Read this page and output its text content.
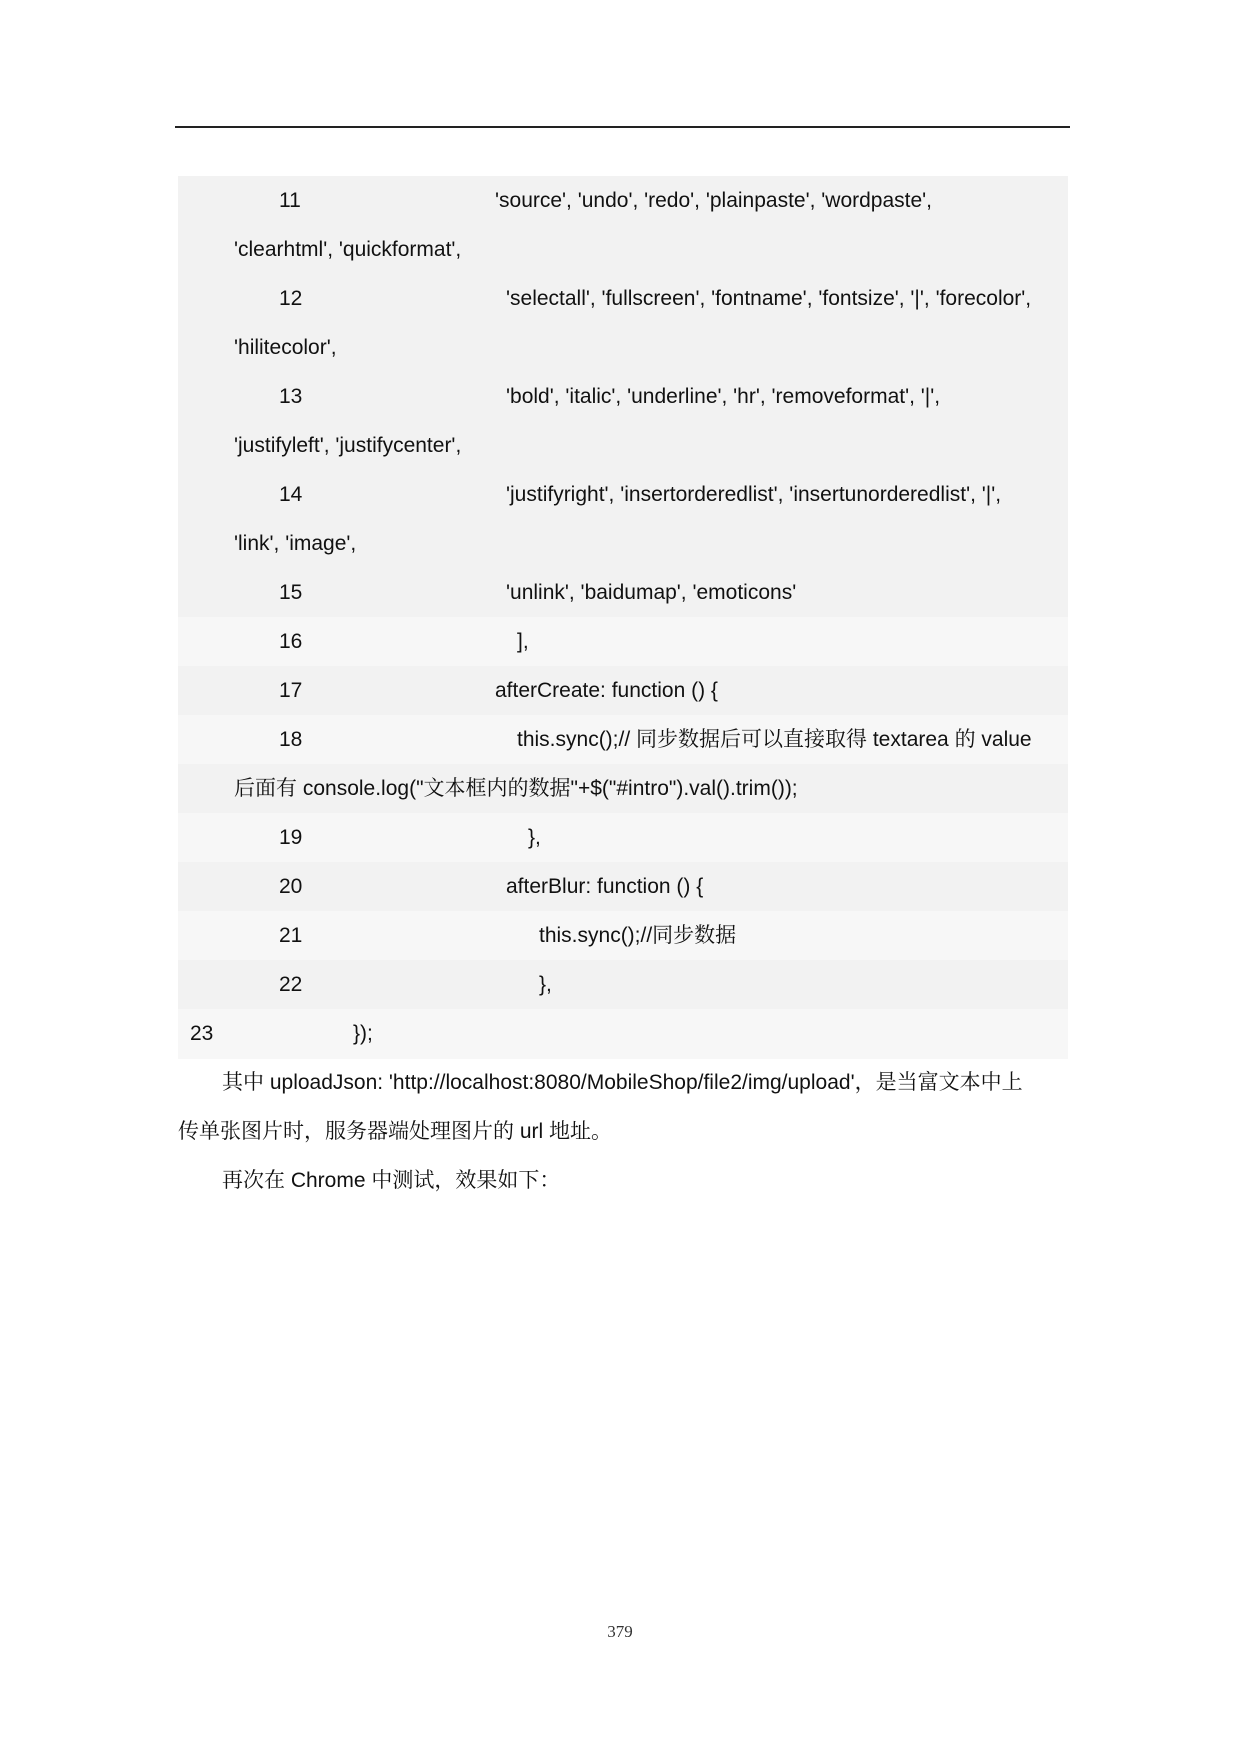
11	'source', 'undo', 'redo', 'plainpaste', 'wordpaste',
'clearhtml', 'quickformat',
12	'selectall', 'fullscreen', 'fontname', 'fontsize', '|', 'forecolor',
'hilitecolor',
13	'bold', 'italic', 'underline', 'hr', 'removeformat', '|',
'justifyleft', 'justifycenter',
14	'justifyright', 'insertorderedlist', 'insertunorderedlist', '|',
'link', 'image',
15	'unlink', 'baidumap', 'emoticons'
16	],
17	afterCreate: function () {
18	this.sync();// 同步数据后可以直接取得 textarea 的 value
后面有 console.log("文本框内的数据"+$("#intro").val().trim());
19	},
20	afterBlur: function () {
21	this.sync();//同步数据
22	},
23	});
其中 uploadJson: 'http://localhost:8080/MobileShop/file2/img/upload'，是当富文本中上
传单张图片时，服务器端处理图片的 url 地址。
再次在 Chrome 中测试，效果如下：
379
